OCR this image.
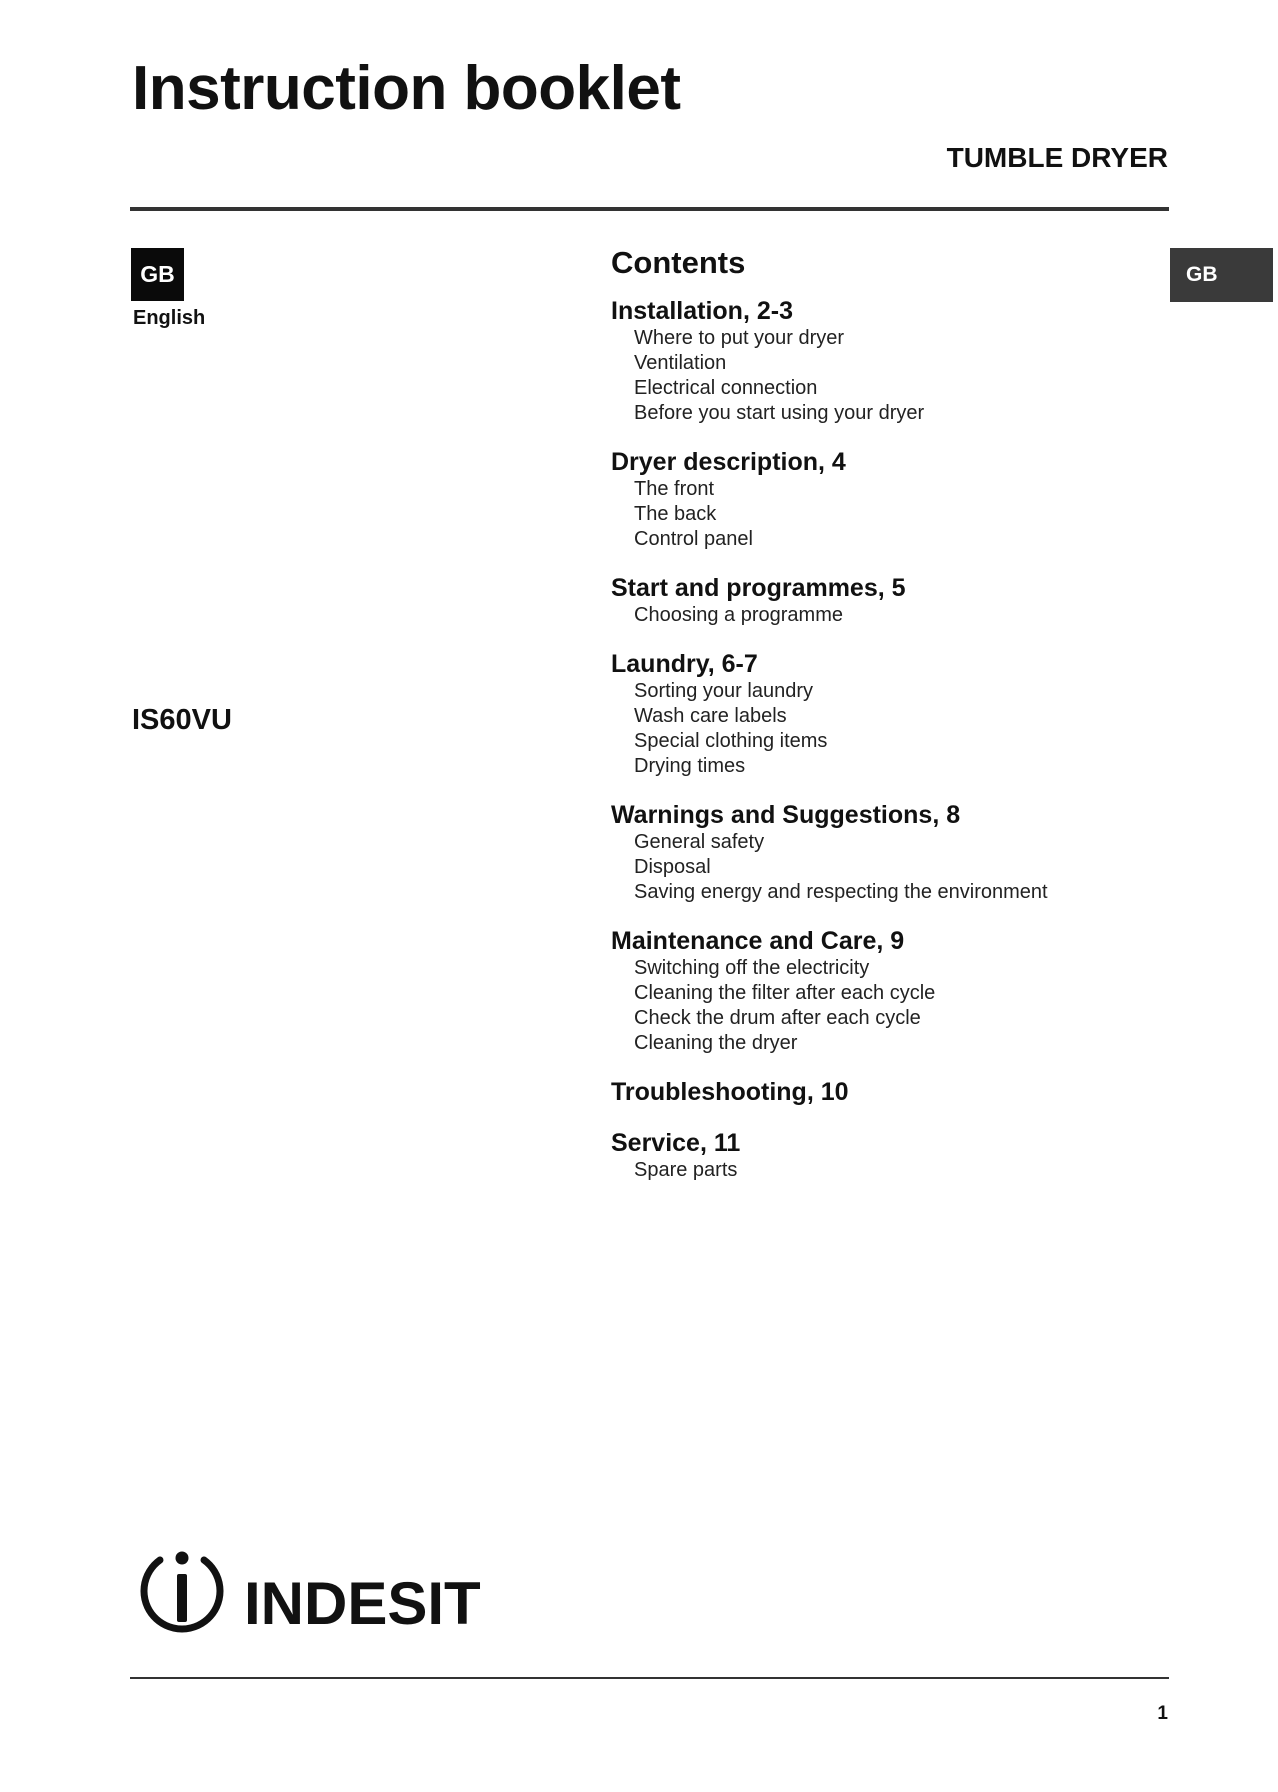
Instruction booklet
TUMBLE DRYER
GB
English
GB
IS60VU
Contents
Installation, 2-3
Where to put your dryer
Ventilation
Electrical connection
Before you start using your dryer
Dryer description, 4
The front
The back
Control panel
Start and programmes, 5
Choosing a programme
Laundry, 6-7
Sorting your laundry
Wash care labels
Special clothing items
Drying times
Warnings and Suggestions, 8
General safety
Disposal
Saving energy and respecting the environment
Maintenance and Care, 9
Switching off the electricity
Cleaning the filter after each cycle
Check the drum after each cycle
Cleaning the dryer
Troubleshooting, 10
Service, 11
Spare parts
INDESIT
1
